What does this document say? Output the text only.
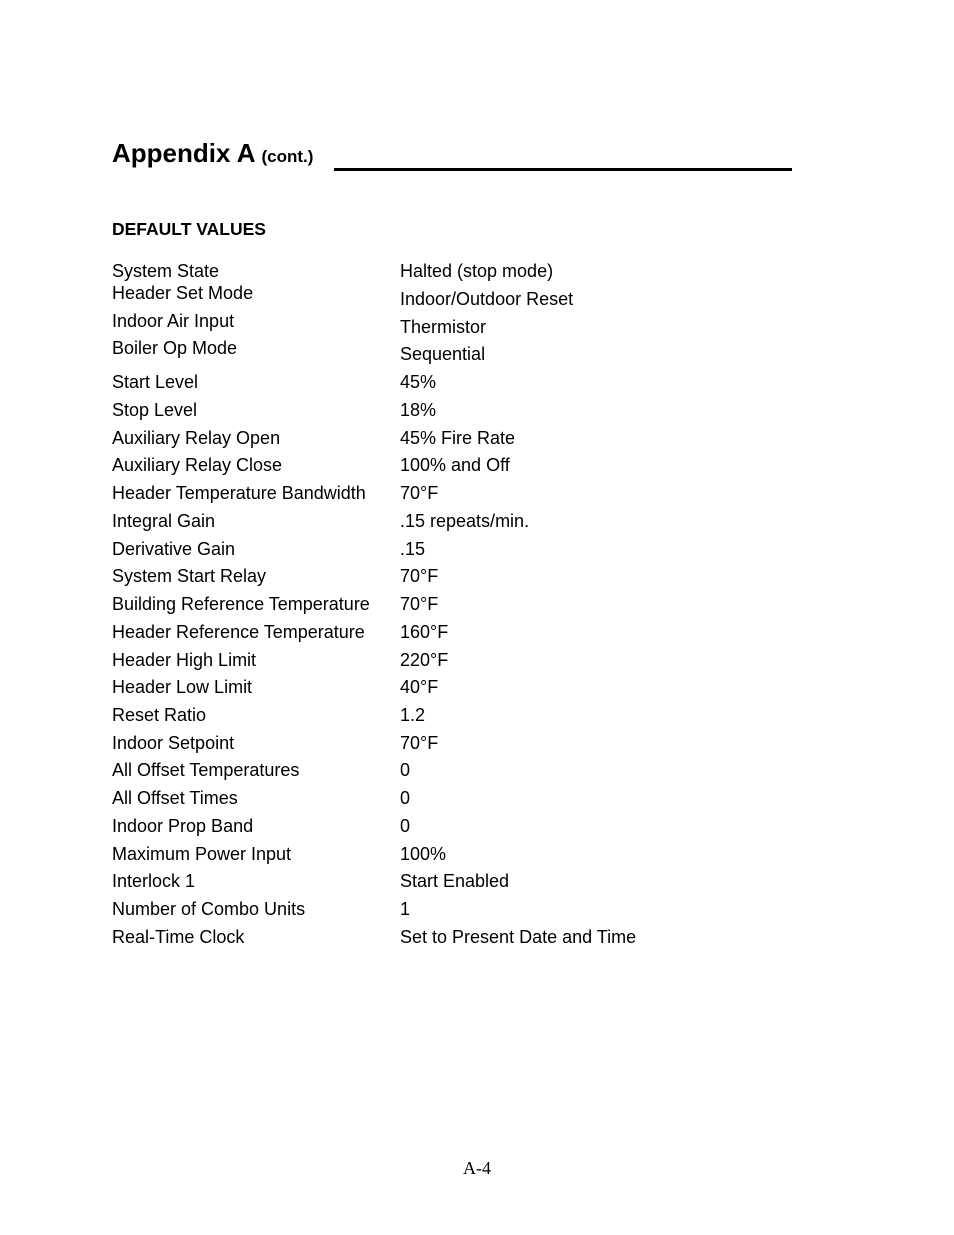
Appendix A (cont.)
DEFAULT VALUES
System State	Halted (stop mode)
Header Set Mode	Indoor/Outdoor Reset
Indoor Air Input	Thermistor
Boiler Op Mode	Sequential
Start Level	45%
Stop Level	18%
Auxiliary Relay Open	45% Fire Rate
Auxiliary Relay Close	100% and Off
Header Temperature Bandwidth 70°F
Integral Gain	.15 repeats/min.
Derivative Gain	.15
System Start Relay	70°F
Building Reference Temperature 70°F
Header Reference Temperature 160°F
Header High Limit	220°F
Header Low Limit	40°F
Reset Ratio	1.2
Indoor Setpoint	70°F
All Offset Temperatures	0
All Offset Times	0
Indoor Prop Band	0
Maximum Power Input	100%
Interlock 1	Start Enabled
Number of Combo Units	1
Real-Time Clock	Set to Present Date and Time
A-4
